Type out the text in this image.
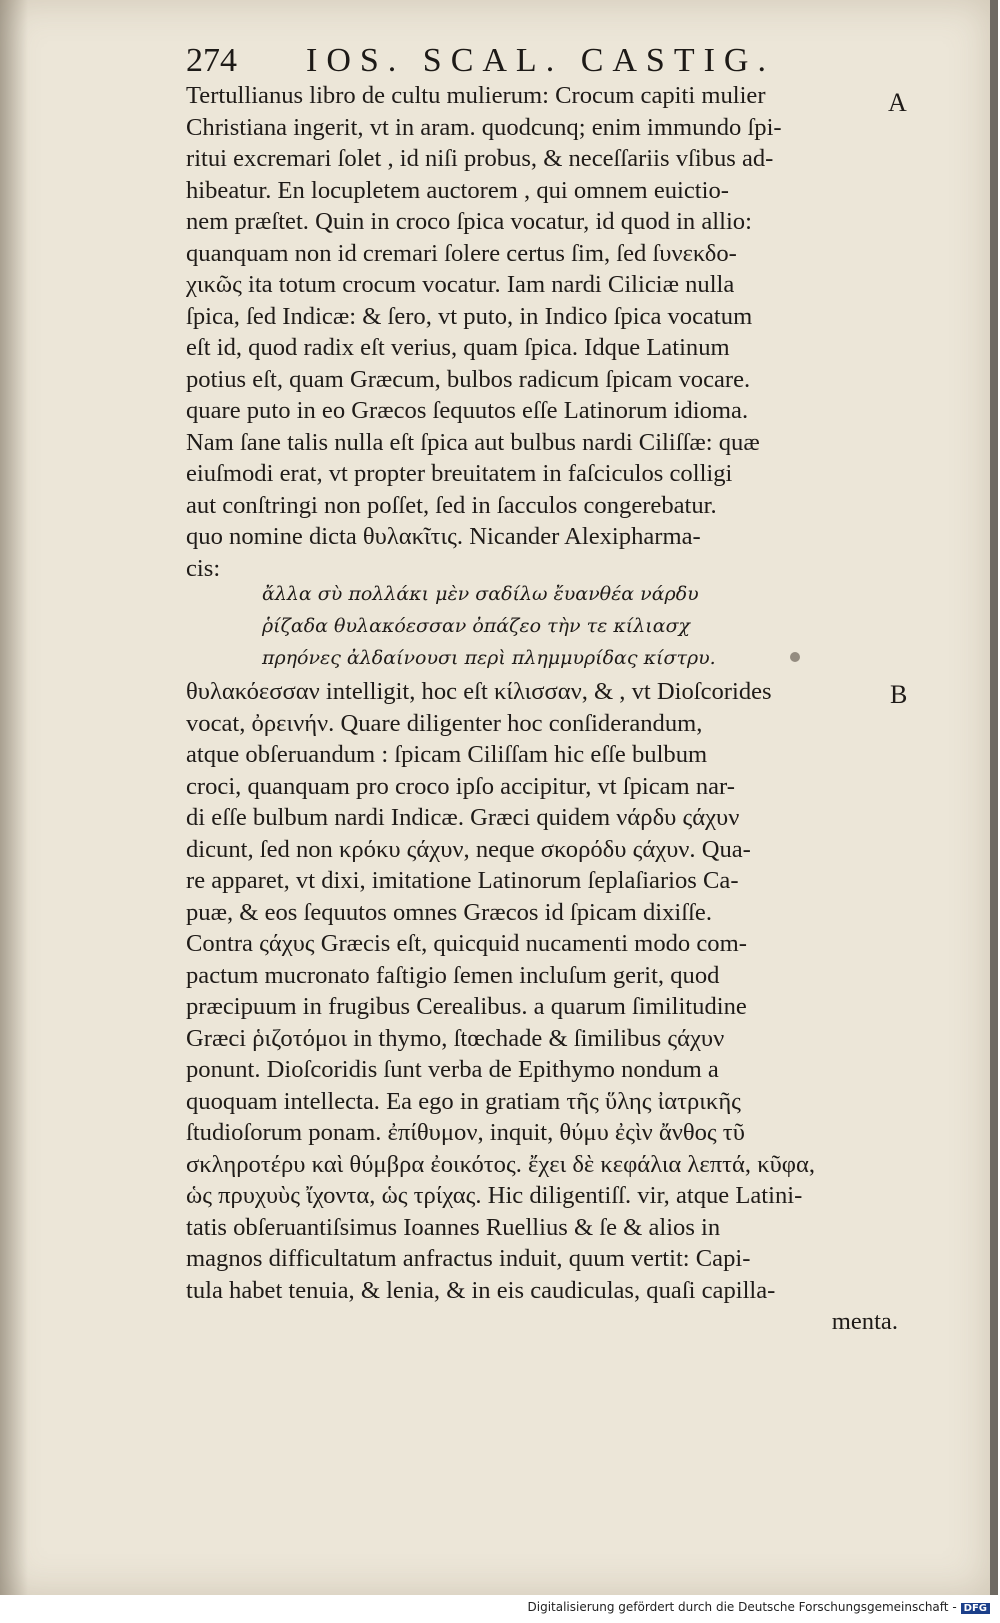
274 IOS. SCAL. CASTIG.
A
B
Tertullianus libro de cultu mulierum: Crocum capiti mulier
Christiana ingerit, vt in aram. quodcunq; enim immundo ſpi-
ritui excremari ſolet , id niſi probus, & neceſſariis vſibus ad-
hibeatur. En locupletem auctorem , qui omnem euictio-
nem præſtet. Quin in croco ſpica vocatur, id quod in allio:
quanquam non id cremari ſolere certus ſim, ſed ſυνεκδο-
χικῶς ita totum crocum vocatur. Iam nardi Ciliciæ nulla
ſpica, ſed Indicæ: & ſero, vt puto, in Indico ſpica vocatum
eſt id, quod radix eſt verius, quam ſpica. Idque Latinum
potius eſt, quam Græcum, bulbos radicum ſpicam vocare.
quare puto in eo Græcos ſequutos eſſe Latinorum idioma.
Nam ſane talis nulla eſt ſpica aut bulbus nardi Ciliſſæ: quæ
eiuſmodi erat, vt propter breuitatem in faſciculos colligi
aut conſtringi non poſſet, ſed in ſacculos congerebatur.
quo nomine dicta θυλακῖτις. Nicander Alexipharma-
cis:
ἄλλα σὺ πολλάκι μὲν σαδίλω ἔυανθέα νάρδυ
ῥίζαδα θυλακόεσσαν ὀπάζεο τὴν τε κίλιασχ
πρηόνες ἀλδαίνουσι περὶ πλημμυρίδας κίστρυ.
θυλακόεσσαν intelligit, hoc eſt κίλισσαν, & , vt Dioſcorides
vocat, ὀρεινήν. Quare diligenter hoc conſiderandum,
atque obſeruandum : ſpicam Ciliſſam hic eſſe bulbum
croci, quanquam pro croco ipſo accipitur, vt ſpicam nar-
di eſſe bulbum nardi Indicæ. Græci quidem νάρδυ ςάχυν
dicunt, ſed non κρόκυ ςάχυν, neque σκορόδυ ςάχυν. Qua-
re apparet, vt dixi, imitatione Latinorum ſeplaſiarios Ca-
puæ, & eos ſequutos omnes Græcos id ſpicam dixiſſe.
Contra ςάχυς Græcis eſt, quicquid nucamenti modo com-
pactum mucronato faſtigio ſemen incluſum gerit, quod
præcipuum in frugibus Cerealibus. a quarum ſimilitudine
Græci ῥιζοτόμοι in thymo, ſtœchade & ſimilibus ςάχυν
ponunt. Dioſcoridis ſunt verba de Epithymo nondum a
quoquam intellecta. Ea ego in gratiam τῆς ὕλης ἰατρικῆς
ſtudioſorum ponam. ἐπίθυμον, inquit, θύμυ ἐςὶν ἄνθος τῦ
σκληροτέρυ καὶ θύμβρα ἐοικότος. ἔχει δὲ κεφάλια λεπτά, κῦφα,
ὡς πρυχυὺς ἴχοντα, ὡς τρίχας. Hic diligentiſſ. vir, atque Latini-
tatis obſeruantiſsimus Ioannes Ruellius & ſe & alios in
magnos difficultatum anfractus induit, quum vertit: Capi-
tula habet tenuia, & lenia, & in eis caudiculas, quaſi capilla-
menta.
Digitalisierung gefördert durch die Deutsche Forschungsgemeinschaft - DFG
